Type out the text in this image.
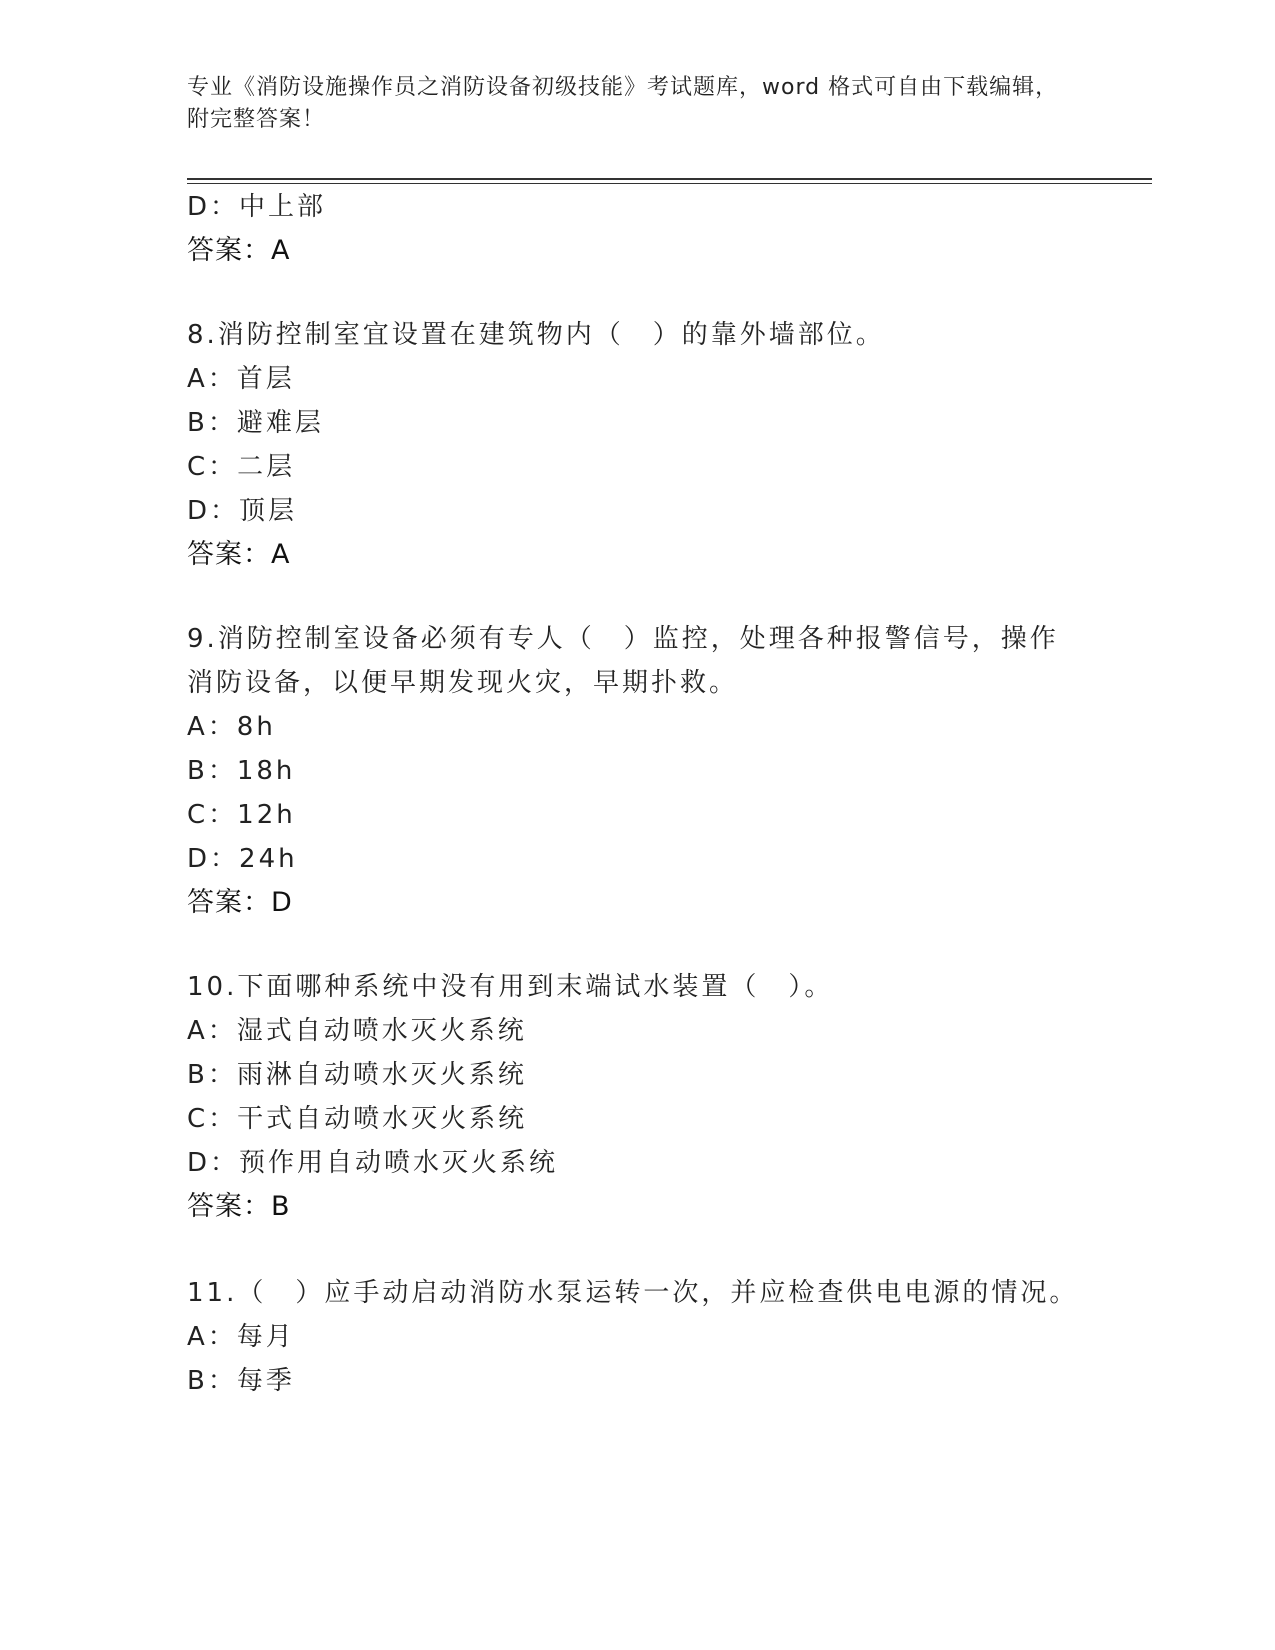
专业《消防设施操作员之消防设备初级技能》考试题库，word 格式可自由下载编辑，附完整答案！
D：中上部
答案：A
8.消防控制室宜设置在建筑物内（　）的靠外墙部位。
A：首层
B：避难层
C：二层
D：顶层
答案：A
9.消防控制室设备必须有专人（　）监控，处理各种报警信号，操作
消防设备，以便早期发现火灾，早期扑救。
A：8h
B：18h
C：12h
D：24h
答案：D
10.下面哪种系统中没有用到末端试水装置（　）。
A：湿式自动喷水灭火系统
B：雨淋自动喷水灭火系统
C：干式自动喷水灭火系统
D：预作用自动喷水灭火系统
答案：B
11.（　）应手动启动消防水泵运转一次，并应检查供电电源的情况。
A：每月
B：每季
